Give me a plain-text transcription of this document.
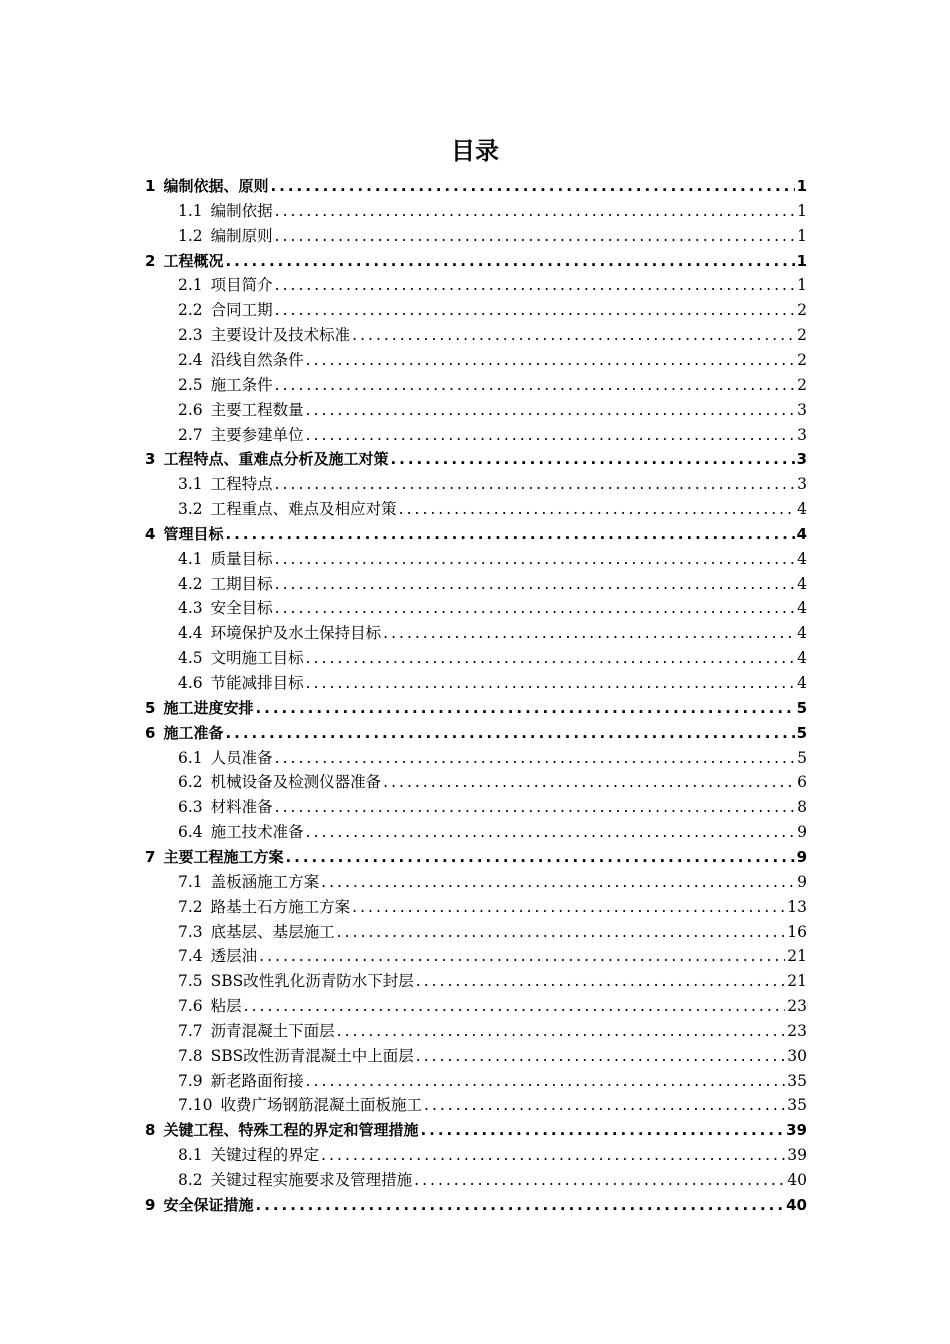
目录
1 编制依据、原则 .....	1
1.1 编制依据 .....	1
1.2 编制原则 .....	1
2 工程概况 .....	1
2.1 项目简介 .....	1
2.2 合同工期 .....	2
2.3 主要设计及技术标准 .....	2
2.4 沿线自然条件 .....	2
2.5 施工条件 .....	2
2.6 主要工程数量 .....	3
2.7 主要参建单位 .....	3
3 工程特点、重难点分析及施工对策 .....	3
3.1 工程特点 .....	3
3.2 工程重点、难点及相应对策 .....	4
4 管理目标 .....	4
4.1 质量目标 .....	4
4.2 工期目标 .....	4
4.3 安全目标 .....	4
4.4 环境保护及水土保持目标 .....	4
4.5 文明施工目标 .....	4
4.6 节能减排目标 .....	4
5 施工进度安排 .....	5
6 施工准备 .....	5
6.1 人员准备 .....	5
6.2 机械设备及检测仪器准备 .....	6
6.3 材料准备 .....	8
6.4 施工技术准备 .....	9
7 主要工程施工方案 .....	9
7.1 盖板涵施工方案 .....	9
7.2 路基土石方施工方案 .....	13
7.3 底基层、基层施工 .....	16
7.4 透层油 .....	21
7.5 SBS改性乳化沥青防水下封层 .....	21
7.6 粘层 .....	23
7.7 沥青混凝土下面层 .....	23
7.8 SBS改性沥青混凝土中上面层 .....	30
7.9 新老路面衔接 .....	35
7.10 收费广场钢筋混凝土面板施工 .....	35
8 关键工程、特殊工程的界定和管理措施 .....	39
8.1 关键过程的界定 .....	39
8.2 关键过程实施要求及管理措施 .....	40
9 安全保证措施 .....	40
